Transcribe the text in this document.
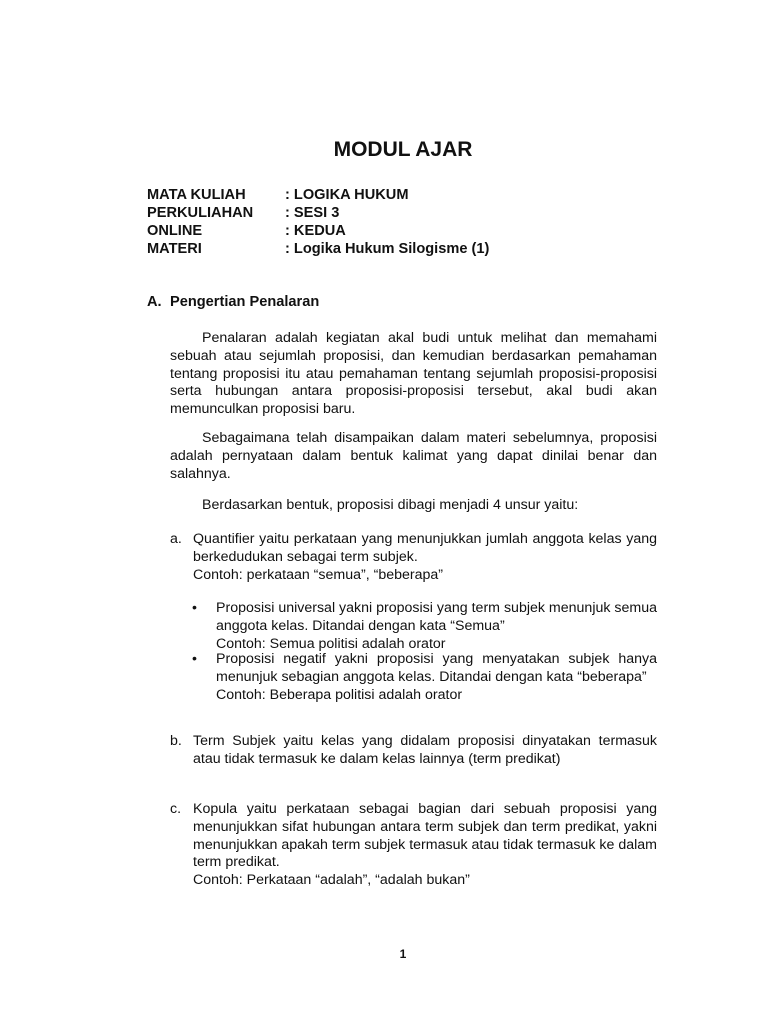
MODUL AJAR
MATA KULIAH	: LOGIKA HUKUM
PERKULIAHAN	: SESI 3
ONLINE	: KEDUA
MATERI	: Logika Hukum Silogisme (1)
A. Pengertian Penalaran

Penalaran adalah kegiatan akal budi untuk melihat dan memahami sebuah atau sejumlah proposisi, dan kemudian berdasarkan pemahaman tentang proposisi itu atau pemahaman tentang sejumlah proposisi-proposisi serta hubungan antara proposisi-proposisi tersebut, akal budi akan memunculkan proposisi baru.

Sebagaimana telah disampaikan dalam materi sebelumnya, proposisi adalah pernyataan dalam bentuk kalimat yang dapat dinilai benar dan salahnya.

Berdasarkan bentuk, proposisi dibagi menjadi 4 unsur yaitu:

a. Quantifier yaitu perkataan yang menunjukkan jumlah anggota kelas yang berkedudukan sebagai term subjek.

Contoh: perkataan “semua”, “beberapa”

• Proposisi universal yakni proposisi yang term subjek menunjuk semua anggota kelas. Ditandai dengan kata “Semua”

Contoh: Semua politisi adalah orator

• Proposisi negatif yakni proposisi yang menyatakan subjek hanya menunjuk sebagian anggota kelas. Ditandai dengan kata “beberapa”

Contoh: Beberapa politisi adalah orator

b. Term Subjek yaitu kelas yang didalam proposisi dinyatakan termasuk atau tidak termasuk ke dalam kelas lainnya (term predikat)

c. Kopula yaitu perkataan sebagai bagian dari sebuah proposisi yang menunjukkan sifat hubungan antara term subjek dan term predikat, yakni menunjukkan apakah term subjek termasuk atau tidak termasuk ke dalam term predikat.

Contoh: Perkataan “adalah”, “adalah bukan”

1
